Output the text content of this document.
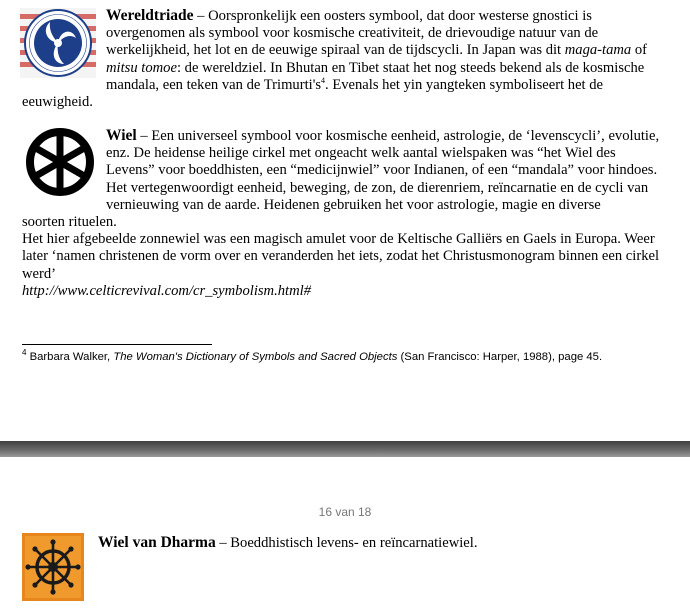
Wereldtriade – Oorspronkelijk een oosters symbool, dat door westerse gnostici is overgenomen als symbool voor kosmische creativiteit, de drievoudige natuur van de werkelijkheid, het lot en de eeuwige spiraal van de tijdscycli. In Japan was dit maga-tama of mitsu tomoe: de wereldziel. In Bhutan en Tibet staat het nog steeds bekend als de kosmische mandala, een teken van de $Trimurti's^4$. Evenals het yin yangteken symboliseert het de
eeuwigheid.
Wiel – Een universeel symbool voor kosmische eenheid, astrologie, de ‘levenscycli’, evolutie, enz. De heidense heilige cirkel met ongeacht welk aantal wielspaken was “het Wiel des Levens” voor boeddhisten, een “medicijnwiel” voor Indianen, of een “mandala” voor hindoes. Het vertegenwoordigt eenheid, beweging, de zon, de dierenriem, reïncarnatie en de cycli van vernieuwing van de aarde. Heidenen gebruiken het voor astrologie, magie en diverse
soorten rituelen.
Het hier afgebeelde zonnewiel was een magisch amulet voor de Keltische Galliërs en Gaels in Europa. Weer later ‘namen christenen de vorm over en veranderden het iets, zodat het Christusmonogram binnen een cirkel werd’
http://www.celticrevival.com/cr_symbolism.html#
$^4$ Barbara Walker, The Woman's Dictionary of Symbols and Sacred Objects (San Francisco: Harper, 1988), page 45.
16 van 18
Wiel van Dharma – Boeddhistisch levens- en reïncarnatiewiel.
